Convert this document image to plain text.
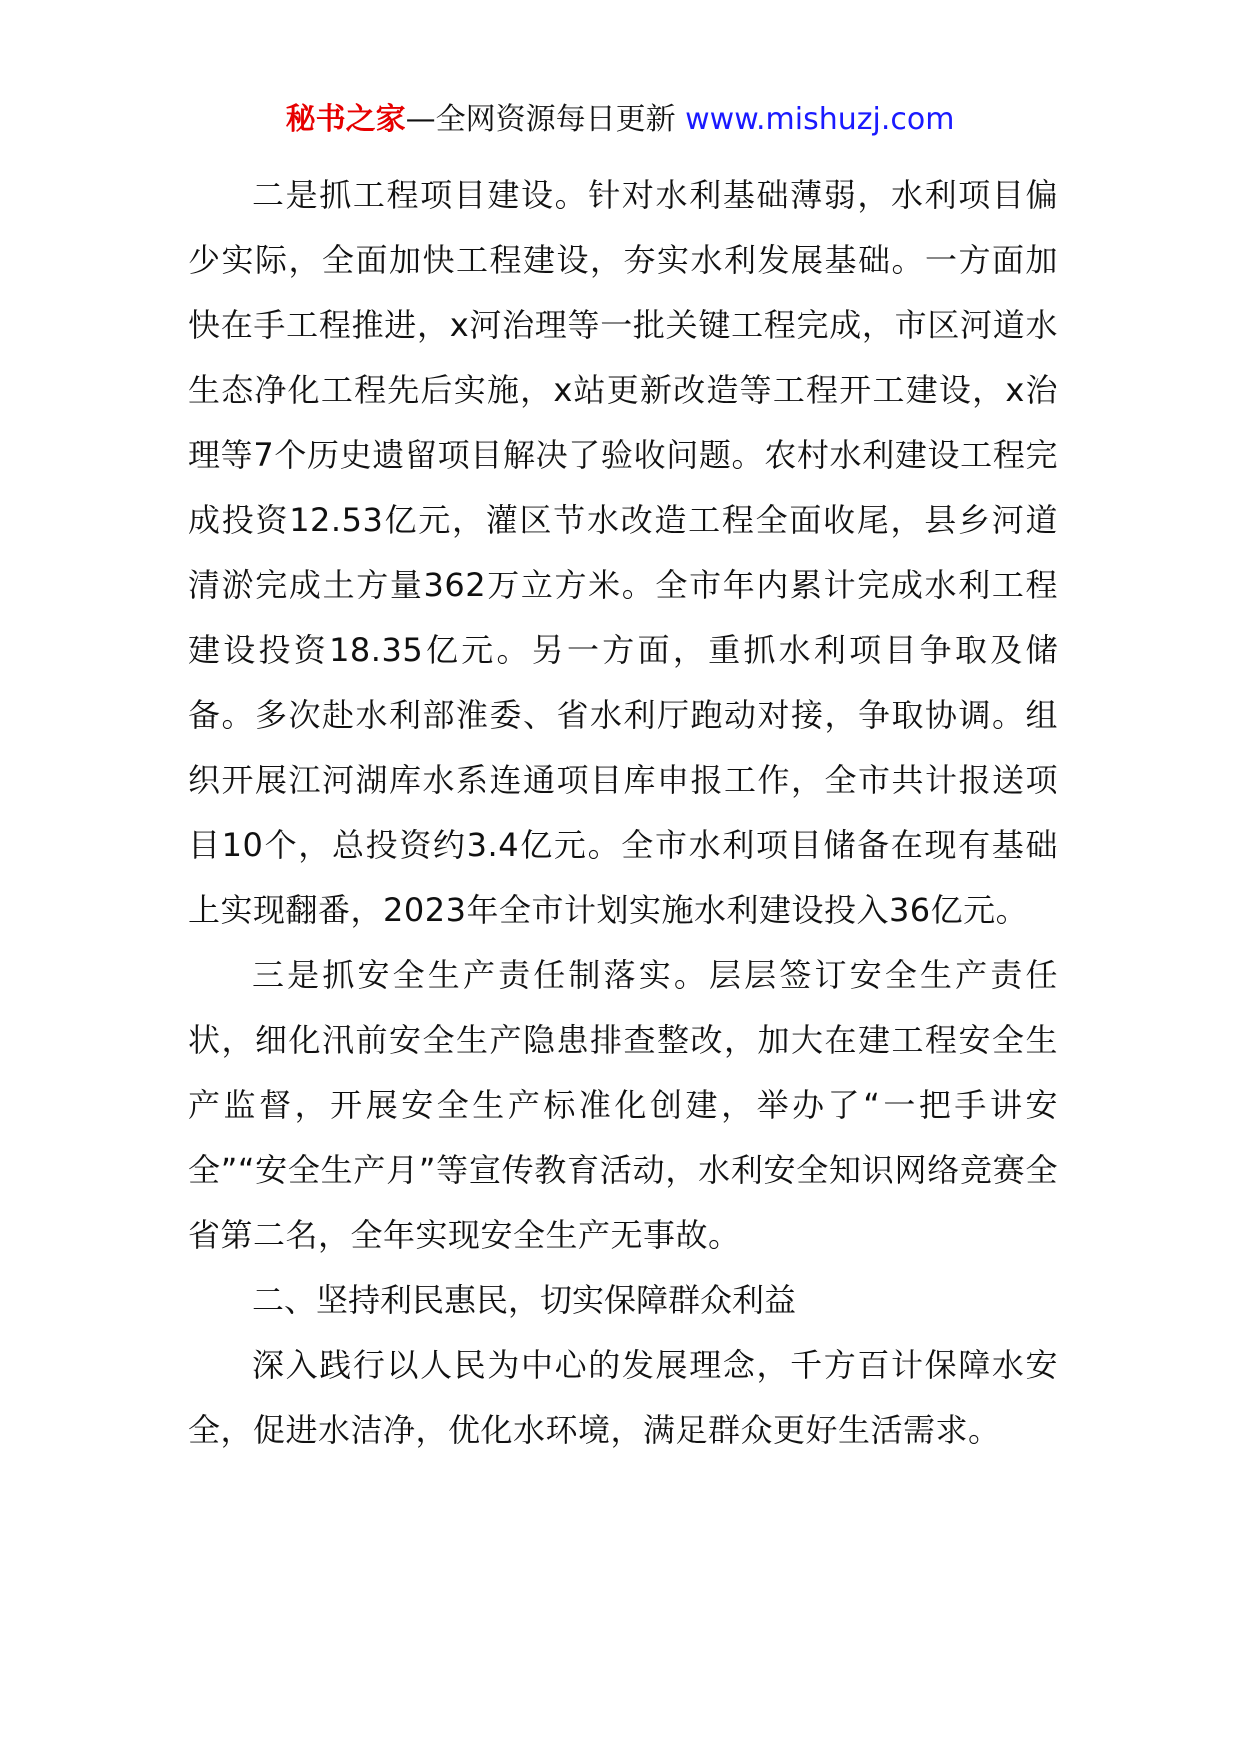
秘书之家—全网资源每日更新 www.mishuzj.com

二是抓工程项目建设。针对水利基础薄弱，水利项目偏少实际，全面加快工程建设，夯实水利发展基础。一方面加快在手工程推进，x河治理等一批关键工程完成，市区河道水生态净化工程先后实施，x站更新改造等工程开工建设，x治理等7个历史遗留项目解决了验收问题。农村水利建设工程完成投资12.53亿元，灌区节水改造工程全面收尾，县乡河道清淤完成土方量362万立方米。全市年内累计完成水利工程建设投资18.35亿元。另一方面，重抓水利项目争取及储备。多次赴水利部淮委、省水利厅跑动对接，争取协调。组织开展江河湖库水系连通项目库申报工作，全市共计报送项目10个，总投资约3.4亿元。全市水利项目储备在现有基础上实现翻番，2023年全市计划实施水利建设投入36亿元。

三是抓安全生产责任制落实。层层签订安全生产责任状，细化汛前安全生产隐患排查整改，加大在建工程安全生产监督，开展安全生产标准化创建，举办了“一把手讲安全”“安全生产月”等宣传教育活动，水利安全知识网络竞赛全省第二名，全年实现安全生产无事故。

二、坚持利民惠民，切实保障群众利益

深入践行以人民为中心的发展理念，千方百计保障水安全，促进水洁净，优化水环境，满足群众更好生活需求。
